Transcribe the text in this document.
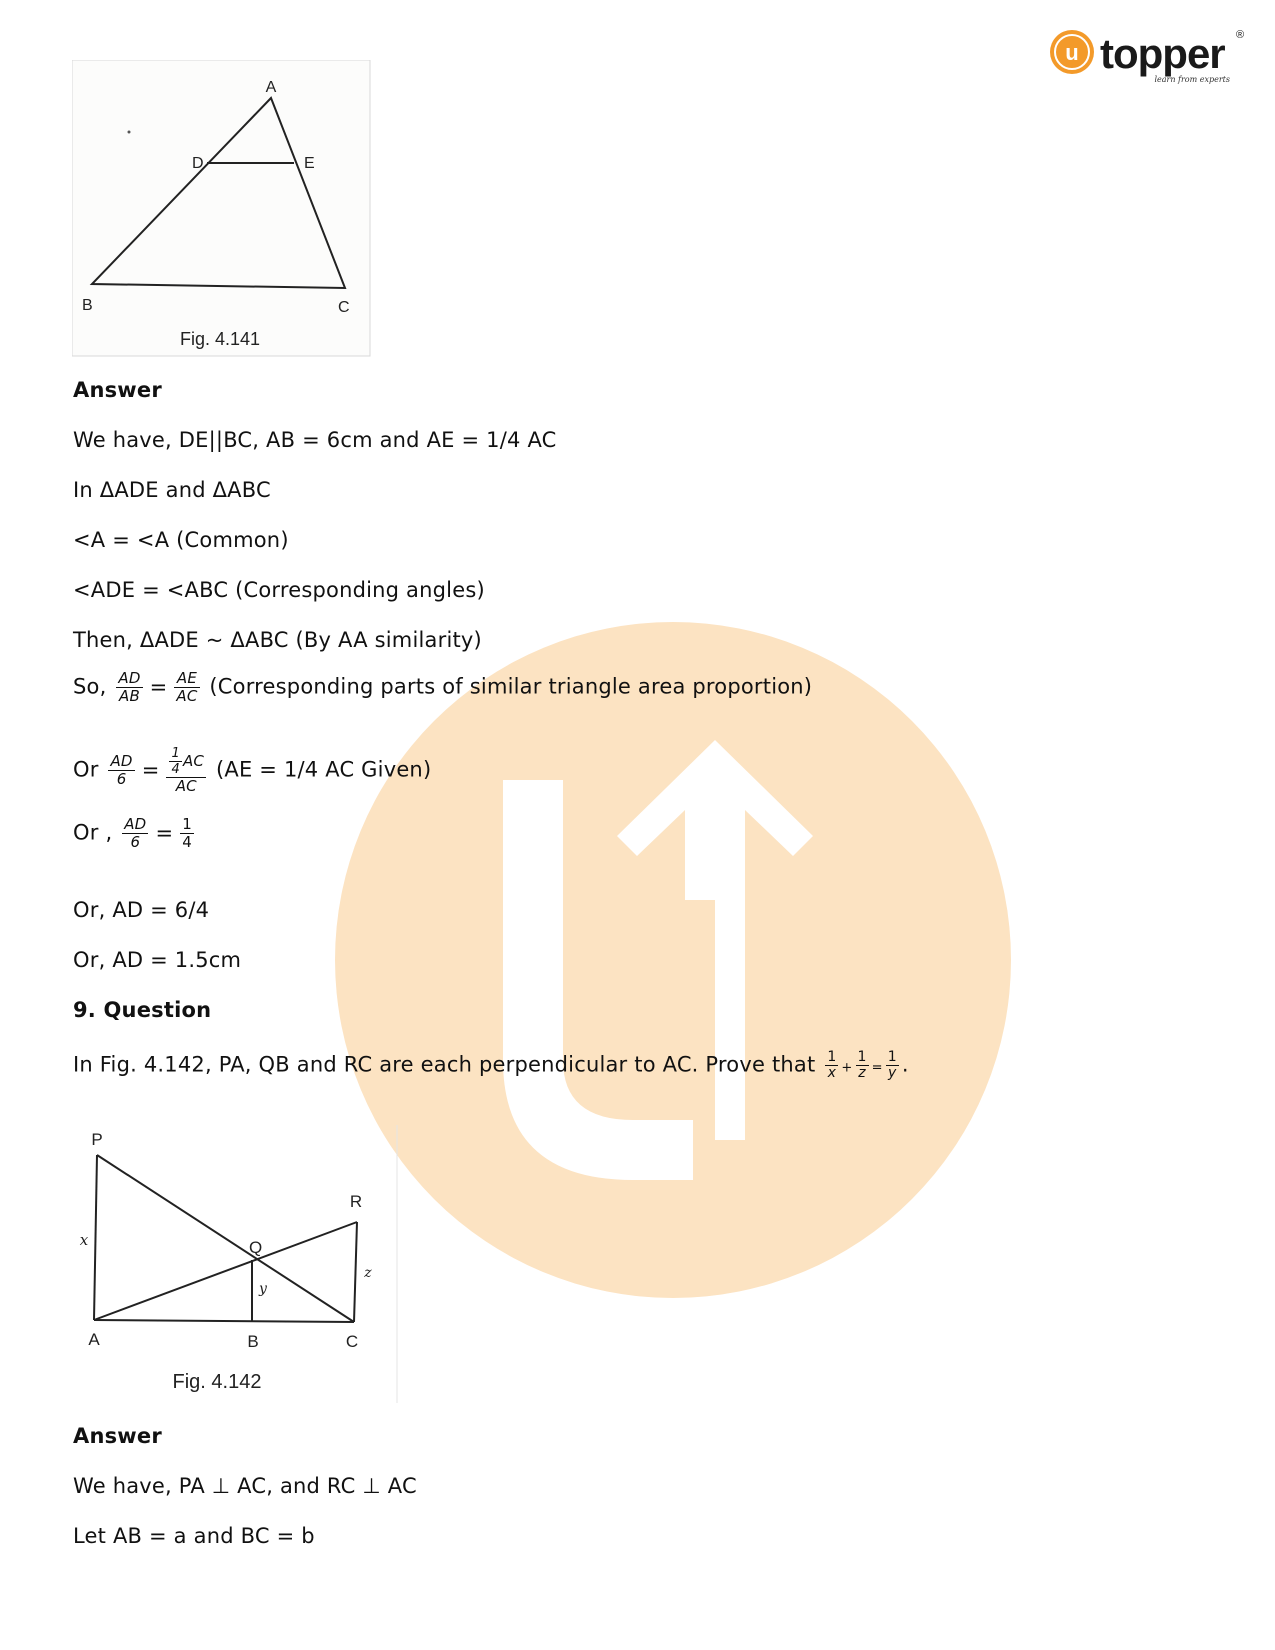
u topper ®
learn from experts
A
D	E
B	C
Fig. 4.141
Answer
We have, DE||BC, AB = 6cm and AE = 1/4 AC
In ΔADE and ΔABC
<A = <A (Common)
<ADE = <ABC (Corresponding angles)
Then, ΔADE ~ ΔABC (By AA similarity)
So, $\frac{AD}{AB} = \frac{AE}{AC}$ (Corresponding parts of similar triangle area proportion)
Or $\frac{AD}{6} = \frac{\frac{1}{4} AC}{AC} (AE = 1/4$ AC Given)
Or , $\frac{AD}{6} = \frac{1}{4}$
Or, AD = 6/4
Or, AD = 1.5cm
9. Question
In Fig. 4.142, PA, QB and RC are each perpendicular to AC. Prove that $\frac{1}{x} + \frac{1}{z} = \frac{1}{y}$ .
P
Q
R
A	B	C
x
y
z
Fig. 4.142
Answer
We have, PA ⊥ AC, and RC ⊥ AC
Let AB = a and BC = b
